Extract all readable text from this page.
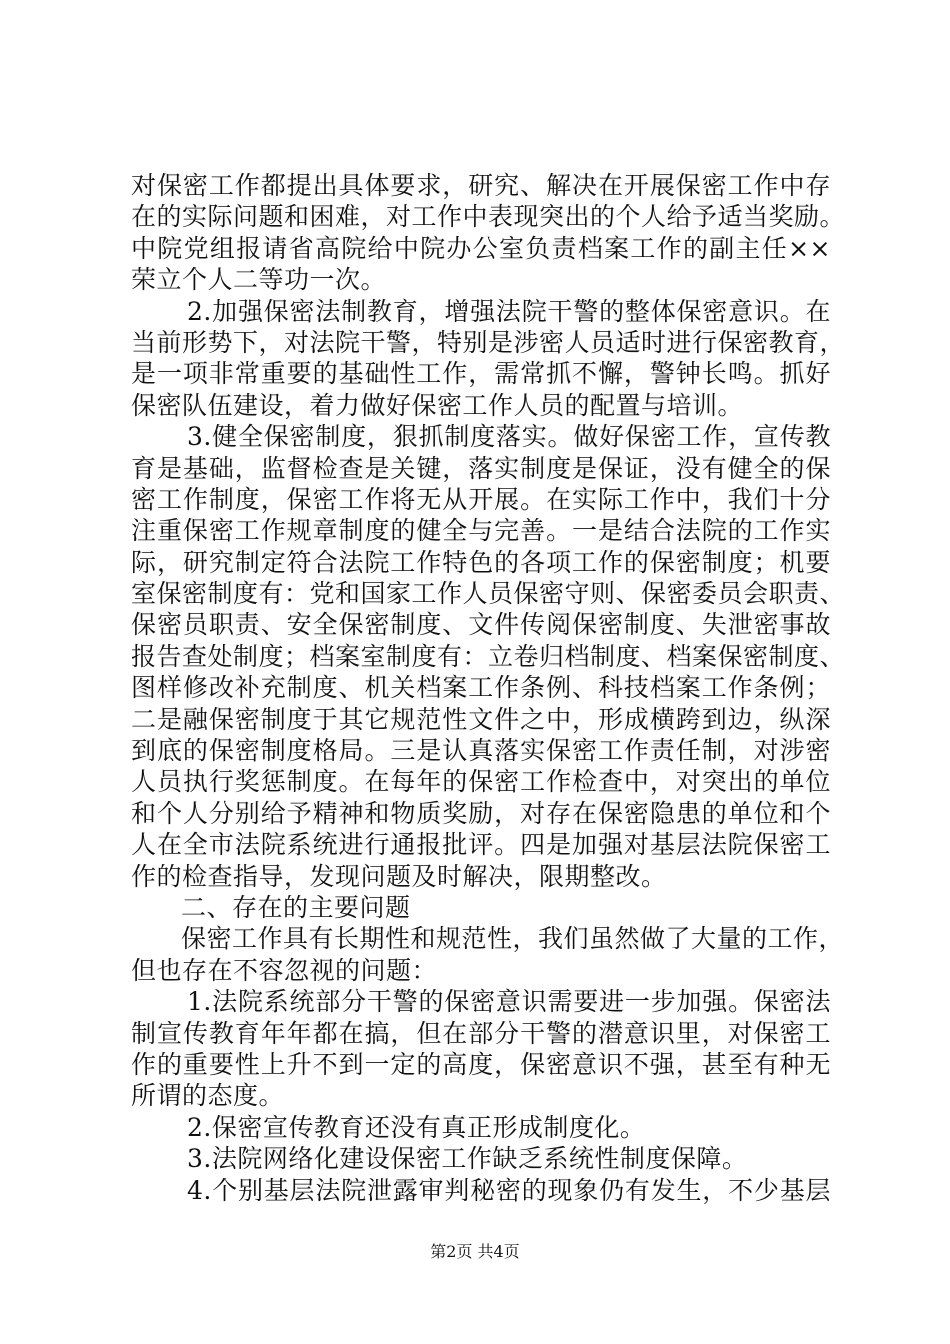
对保密工作都提出具体要求，研究、解决在开展保密工作中存
在的实际问题和困难，对工作中表现突出的个人给予适当奖励。
中院党组报请省高院给中院办公室负责档案工作的副主任××
荣立个人二等功一次。
2.加强保密法制教育，增强法院干警的整体保密意识。在
当前形势下，对法院干警，特别是涉密人员适时进行保密教育，
是一项非常重要的基础性工作，需常抓不懈，警钟长鸣。抓好
保密队伍建设，着力做好保密工作人员的配置与培训。
3.健全保密制度，狠抓制度落实。做好保密工作，宣传教
育是基础，监督检查是关键，落实制度是保证，没有健全的保
密工作制度，保密工作将无从开展。在实际工作中，我们十分
注重保密工作规章制度的健全与完善。一是结合法院的工作实
际，研究制定符合法院工作特色的各项工作的保密制度；机要
室保密制度有：党和国家工作人员保密守则、保密委员会职责、
保密员职责、安全保密制度、文件传阅保密制度、失泄密事故
报告查处制度；档案室制度有：立卷归档制度、档案保密制度、
图样修改补充制度、机关档案工作条例、科技档案工作条例；
二是融保密制度于其它规范性文件之中，形成横跨到边，纵深
到底的保密制度格局。三是认真落实保密工作责任制，对涉密
人员执行奖惩制度。在每年的保密工作检查中，对突出的单位
和个人分别给予精神和物质奖励，对存在保密隐患的单位和个
人在全市法院系统进行通报批评。四是加强对基层法院保密工
作的检查指导，发现问题及时解决，限期整改。
二、存在的主要问题
保密工作具有长期性和规范性，我们虽然做了大量的工作，
但也存在不容忽视的问题：
1.法院系统部分干警的保密意识需要进一步加强。保密法
制宣传教育年年都在搞，但在部分干警的潜意识里，对保密工
作的重要性上升不到一定的高度，保密意识不强，甚至有种无
所谓的态度。
2.保密宣传教育还没有真正形成制度化。
3.法院网络化建设保密工作缺乏系统性制度保障。
4.个别基层法院泄露审判秘密的现象仍有发生，不少基层
第2页 共4页
